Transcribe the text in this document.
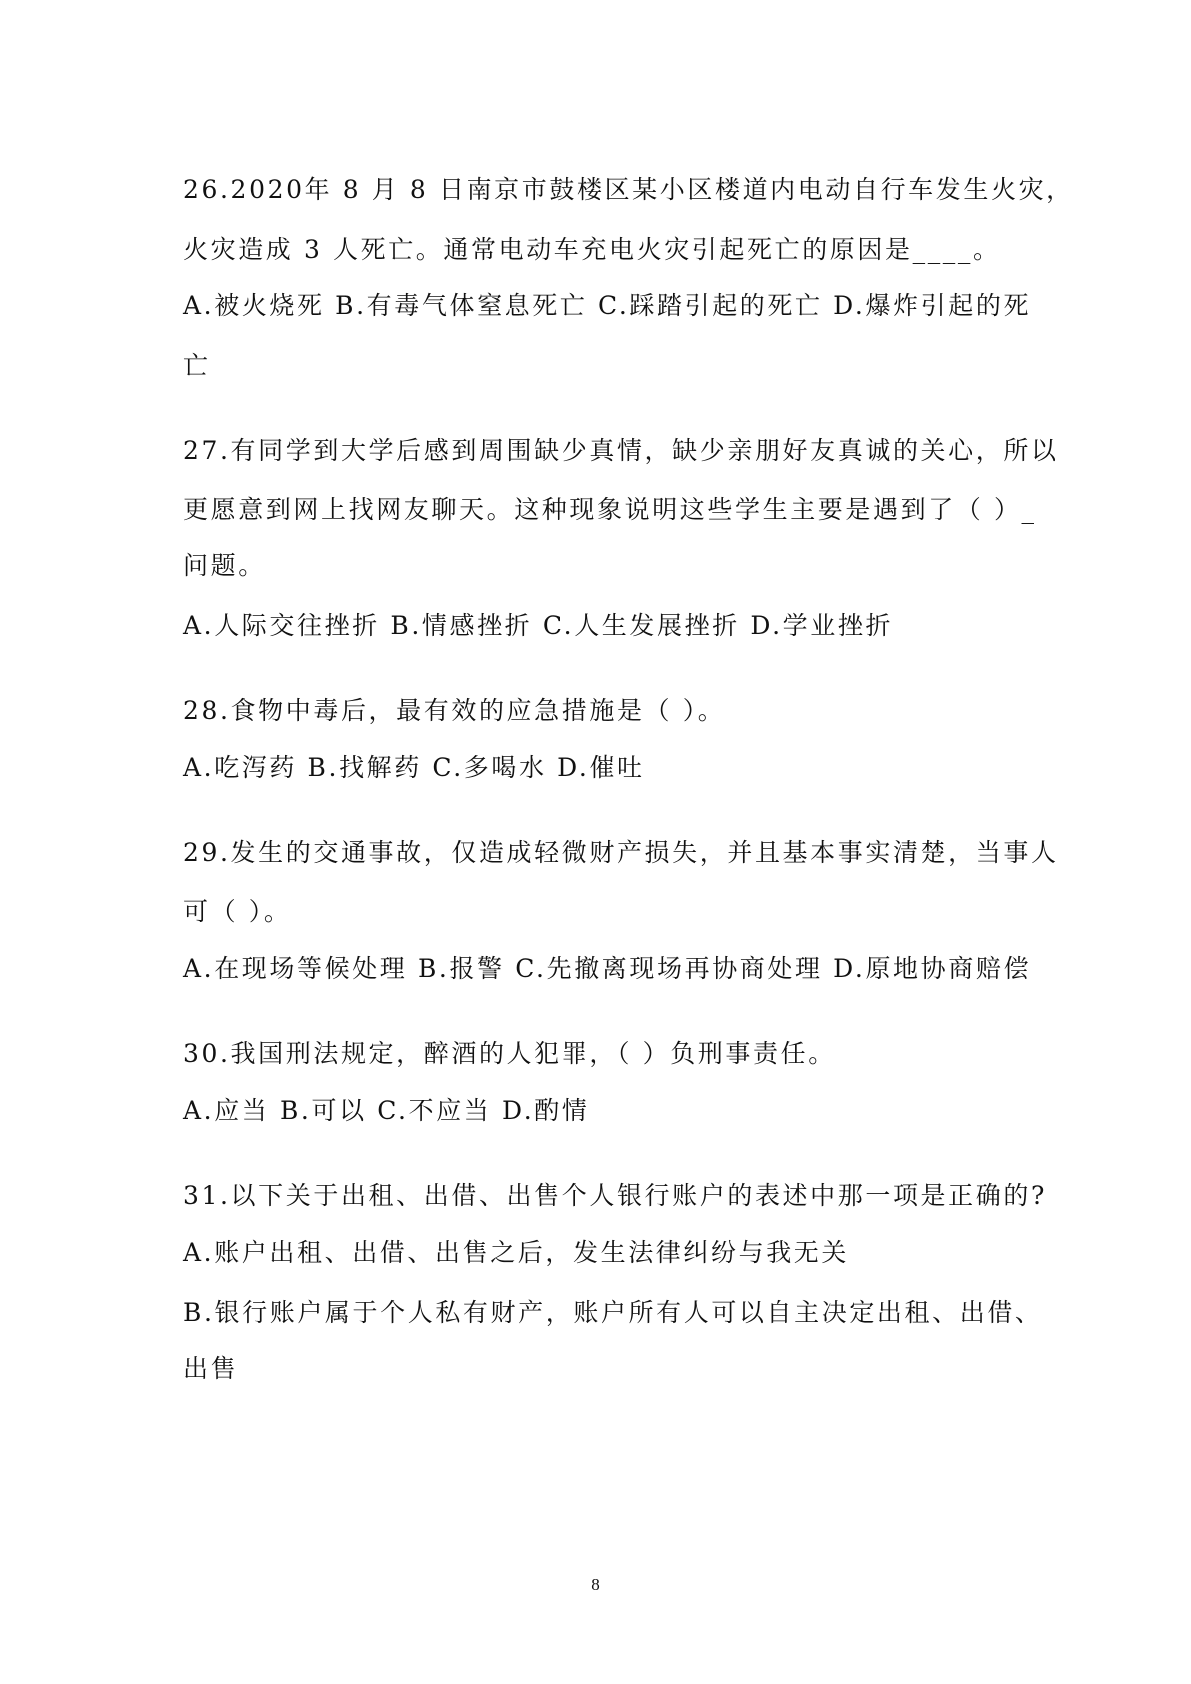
26.2020年 8 月 8 日南京市鼓楼区某小区楼道内电动自行车发生火灾，
火灾造成 3 人死亡。通常电动车充电火灾引起死亡的原因是____。
A.被火烧死 B.有毒气体窒息死亡 C.踩踏引起的死亡 D.爆炸引起的死
亡
27.有同学到大学后感到周围缺少真情，缺少亲朋好友真诚的关心，所以
更愿意到网上找网友聊天。这种现象说明这些学生主要是遇到了（ ）_
问题。
A.人际交往挫折 B.情感挫折 C.人生发展挫折 D.学业挫折
28.食物中毒后，最有效的应急措施是（ ）。
A.吃泻药 B.找解药 C.多喝水 D.催吐
29.发生的交通事故，仅造成轻微财产损失，并且基本事实清楚，当事人
可（ ）。
A.在现场等候处理 B.报警 C.先撤离现场再协商处理 D.原地协商赔偿
30.我国刑法规定，醉酒的人犯罪，（ ）负刑事责任。
A.应当 B.可以 C.不应当 D.酌情
31.以下关于出租、出借、出售个人银行账户的表述中那一项是正确的?
A.账户出租、出借、出售之后，发生法律纠纷与我无关
B.银行账户属于个人私有财产，账户所有人可以自主决定出租、出借、
出售
8
